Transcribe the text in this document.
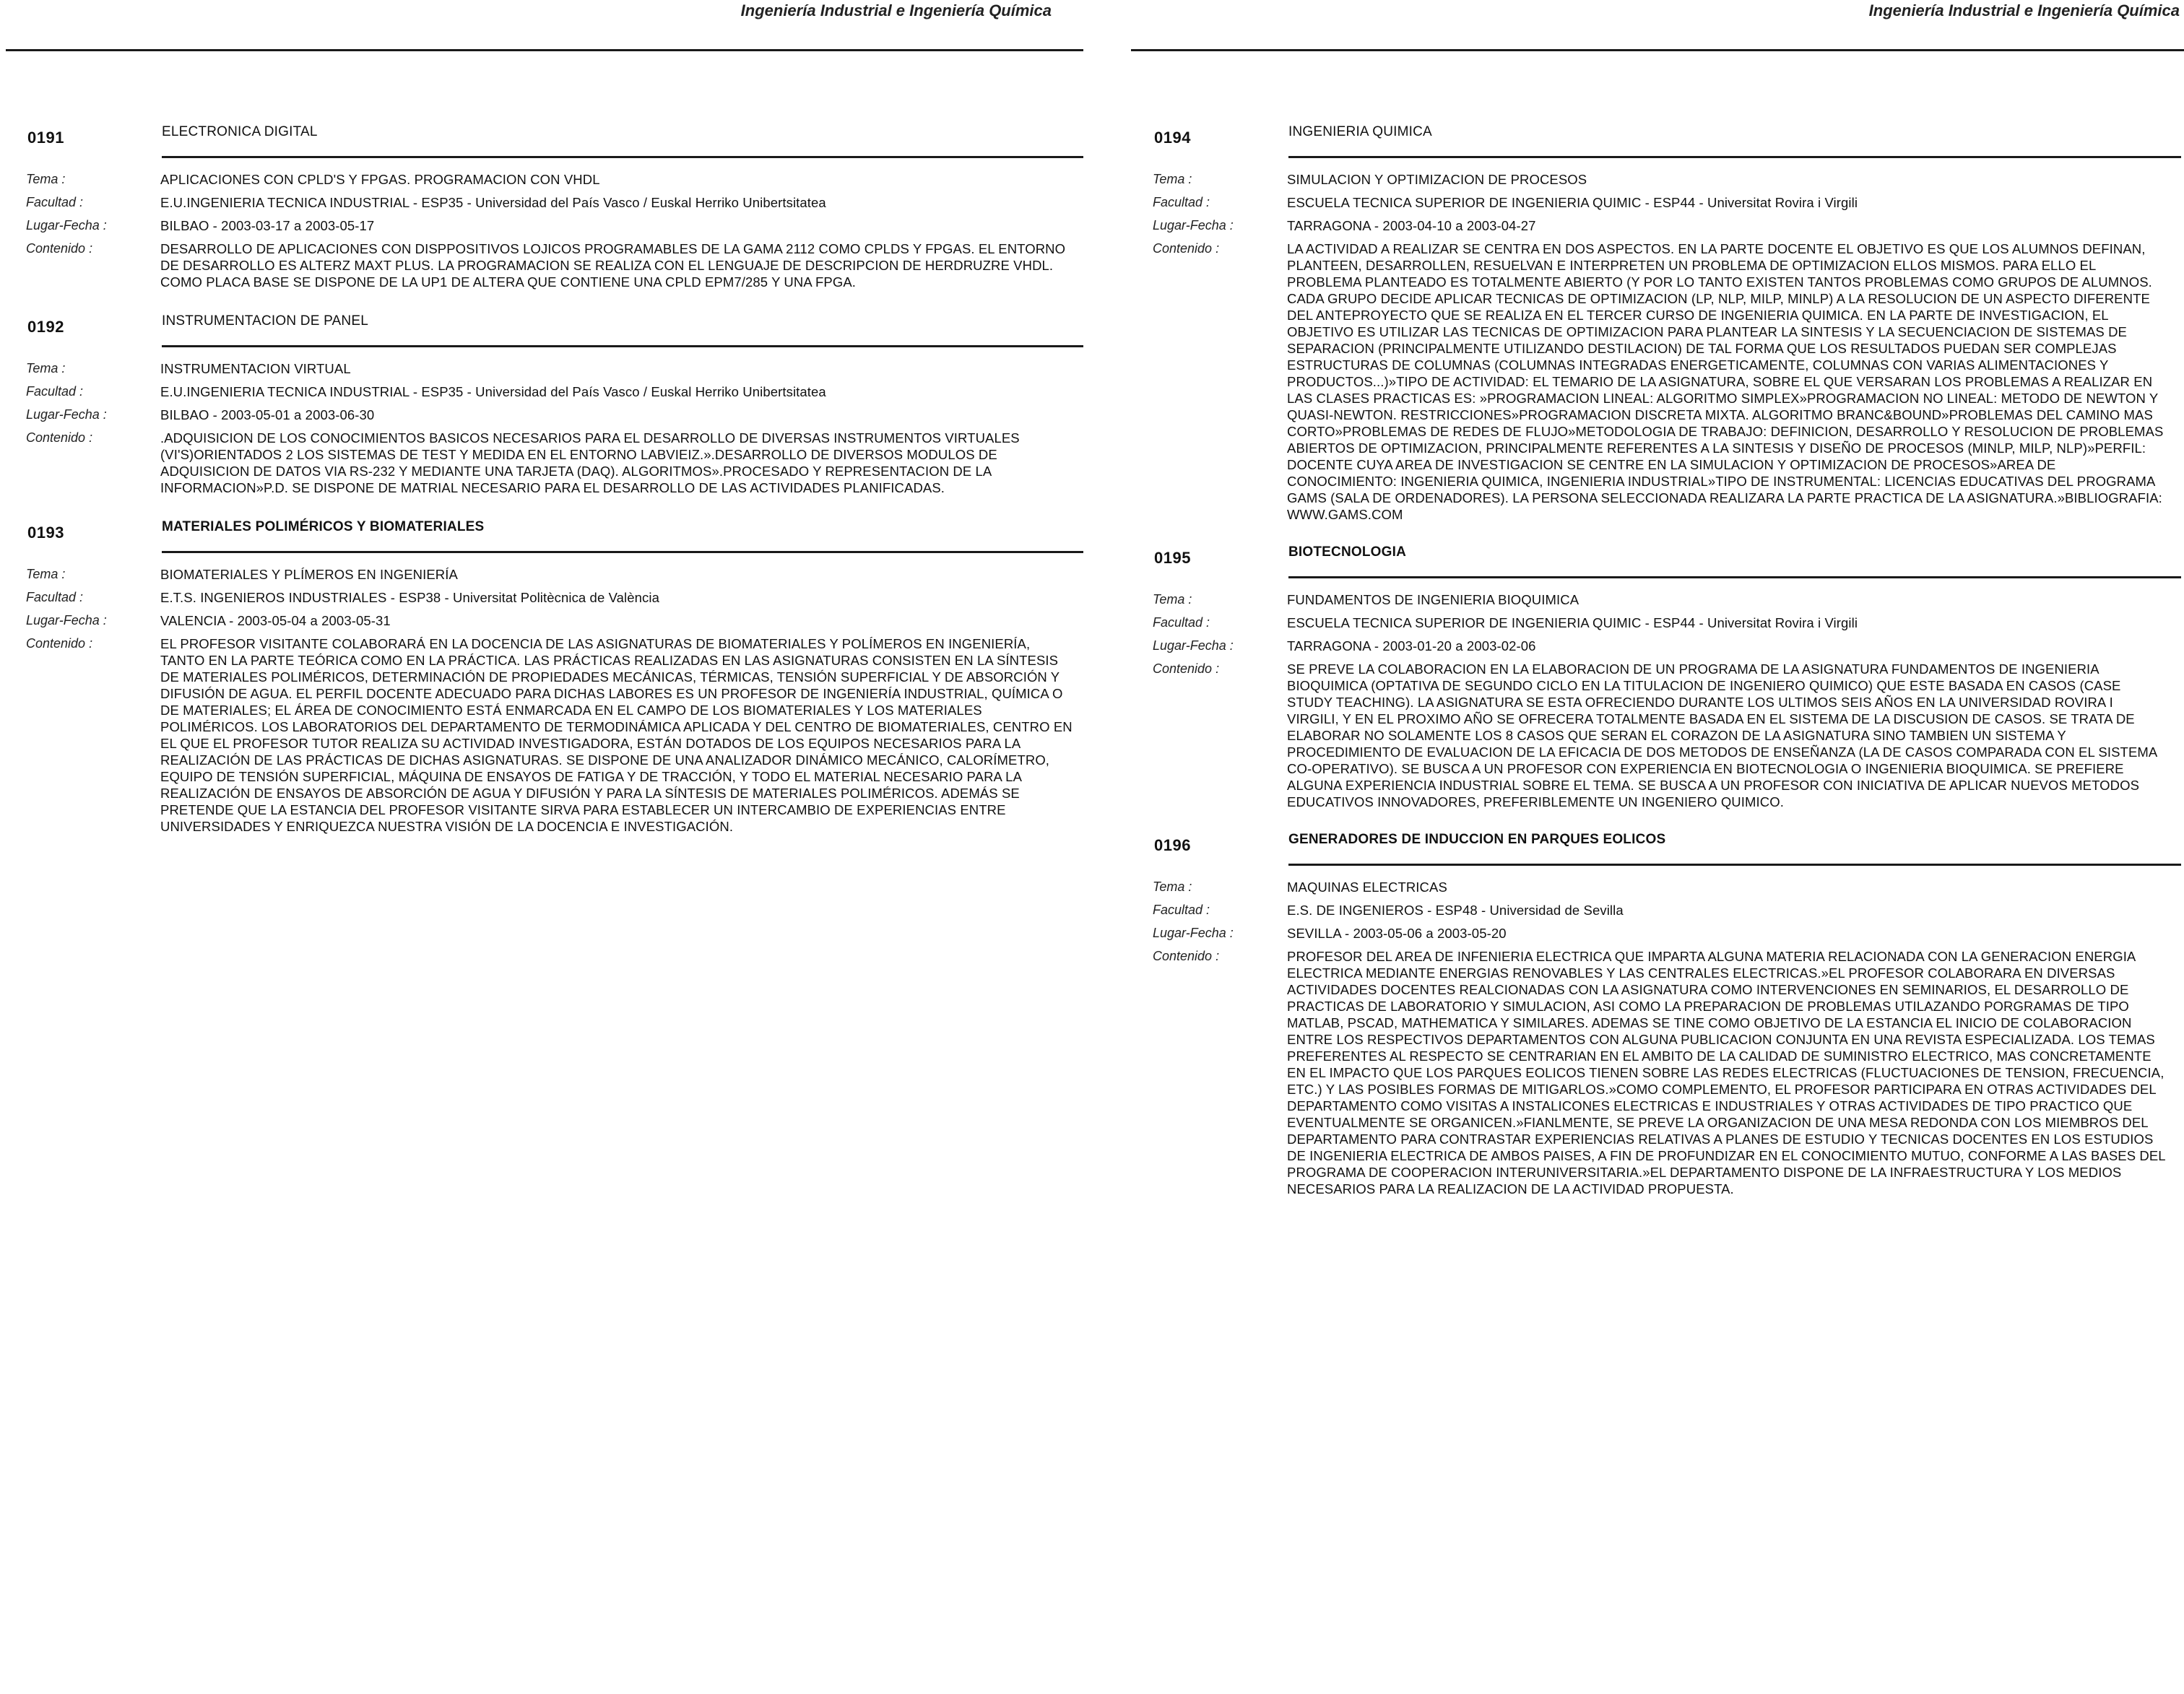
Ingeniería Industrial e Ingeniería Química
0191	ELECTRONICA DIGITAL
Tema :	APLICACIONES CON CPLD'S Y FPGAS. PROGRAMACION CON VHDL
Facultad :	E.U.INGENIERIA TECNICA INDUSTRIAL - ESP35 - Universidad del País Vasco / Euskal Herriko Unibertsitatea
Lugar-Fecha :	BILBAO - 2003-03-17 a 2003-05-17
Contenido :	DESARROLLO DE APLICACIONES CON DISPPOSITIVOS LOJICOS PROGRAMABLES DE LA GAMA 2112 COMO CPLDS Y FPGAS. EL ENTORNO DE DESARROLLO ES ALTERZ MAXT PLUS. LA PROGRAMACION SE REALIZA CON EL LENGUAJE DE DESCRIPCION DE HERDRUZRE VHDL. COMO PLACA BASE SE DISPONE DE LA UP1 DE ALTERA QUE CONTIENE UNA CPLD EPM7/285 Y UNA FPGA.
0192	INSTRUMENTACION DE PANEL
Tema :	INSTRUMENTACION VIRTUAL
Facultad :	E.U.INGENIERIA TECNICA INDUSTRIAL - ESP35 - Universidad del País Vasco / Euskal Herriko Unibertsitatea
Lugar-Fecha :	BILBAO - 2003-05-01 a 2003-06-30
Contenido :	.ADQUISICION DE LOS CONOCIMIENTOS BASICOS NECESARIOS PARA EL DESARROLLO DE DIVERSAS INSTRUMENTOS VIRTUALES (VI'S)ORIENTADOS 2 LOS SISTEMAS DE TEST Y MEDIDA EN EL ENTORNO LABVIEIZ.».DESARROLLO DE DIVERSOS MODULOS DE ADQUISICION DE DATOS VIA RS-232 Y MEDIANTE UNA TARJETA (DAQ). ALGORITMOS».PROCESADO Y REPRESENTACION DE LA INFORMACION»P.D. SE DISPONE DE MATRIAL NECESARIO PARA EL DESARROLLO DE LAS ACTIVIDADES PLANIFICADAS.
0193	MATERIALES POLIMÉRICOS Y BIOMATERIALES
Tema :	BIOMATERIALES Y PLÍMEROS EN INGENIERÍA
Facultad :	E.T.S. INGENIEROS INDUSTRIALES - ESP38 - Universitat Politècnica de València
Lugar-Fecha :	VALENCIA - 2003-05-04 a 2003-05-31
Contenido :	EL PROFESOR VISITANTE COLABORARÁ EN LA DOCENCIA DE LAS ASIGNATURAS DE BIOMATERIALES Y POLÍMEROS EN INGENIERÍA, TANTO EN LA PARTE TEÓRICA COMO EN LA PRÁCTICA. LAS PRÁCTICAS REALIZADAS EN LAS ASIGNATURAS CONSISTEN EN LA SÍNTESIS DE MATERIALES POLIMÉRICOS, DETERMINACIÓN DE PROPIEDADES MECÁNICAS, TÉRMICAS, TENSIÓN SUPERFICIAL Y DE ABSORCIÓN Y DIFUSIÓN DE AGUA. EL PERFIL DOCENTE ADECUADO PARA DICHAS LABORES ES UN PROFESOR DE INGENIERÍA INDUSTRIAL, QUÍMICA O DE MATERIALES; EL ÁREA DE CONOCIMIENTO ESTÁ ENMARCADA EN EL CAMPO DE LOS BIOMATERIALES Y LOS MATERIALES POLIMÉRICOS. LOS LABORATORIOS DEL DEPARTAMENTO DE TERMODINÁMICA APLICADA Y DEL CENTRO DE BIOMATERIALES, CENTRO EN EL QUE EL PROFESOR TUTOR REALIZA SU ACTIVIDAD INVESTIGADORA, ESTÁN DOTADOS DE LOS EQUIPOS NECESARIOS PARA LA REALIZACIÓN DE LAS PRÁCTICAS DE DICHAS ASIGNATURAS. SE DISPONE DE UNA ANALIZADOR DINÁMICO MECÁNICO, CALORÍMETRO, EQUIPO DE TENSIÓN SUPERFICIAL, MÁQUINA DE ENSAYOS DE FATIGA Y DE TRACCIÓN, Y TODO EL MATERIAL NECESARIO PARA LA REALIZACIÓN DE ENSAYOS DE ABSORCIÓN DE AGUA Y DIFUSIÓN Y PARA LA SÍNTESIS DE MATERIALES POLIMÉRICOS. ADEMÁS SE PRETENDE QUE LA ESTANCIA DEL PROFESOR VISITANTE SIRVA PARA ESTABLECER UN INTERCAMBIO DE EXPERIENCIAS ENTRE UNIVERSIDADES Y ENRIQUEZCA NUESTRA VISIÓN DE LA DOCENCIA E INVESTIGACIÓN.
Ingeniería Industrial e Ingeniería Química
0194	INGENIERIA QUIMICA
Tema :	SIMULACION Y OPTIMIZACION DE PROCESOS
Facultad :	ESCUELA TECNICA SUPERIOR DE INGENIERIA QUIMIC - ESP44 - Universitat Rovira i Virgili
Lugar-Fecha :	TARRAGONA - 2003-04-10 a 2003-04-27
Contenido :	LA ACTIVIDAD A REALIZAR SE CENTRA EN DOS ASPECTOS. EN LA PARTE DOCENTE EL OBJETIVO ES QUE LOS ALUMNOS DEFINAN, PLANTEEN, DESARROLLEN, RESUELVAN E INTERPRETEN UN PROBLEMA DE OPTIMIZACION ELLOS MISMOS. PARA ELLO EL PROBLEMA PLANTEADO ES TOTALMENTE ABIERTO (Y POR LO TANTO EXISTEN TANTOS PROBLEMAS COMO GRUPOS DE ALUMNOS. CADA GRUPO DECIDE APLICAR TECNICAS DE OPTIMIZACION (LP, NLP, MILP, MINLP) A LA RESOLUCION DE UN ASPECTO DIFERENTE DEL ANTEPROYECTO QUE SE REALIZA EN EL TERCER CURSO DE INGENIERIA QUIMICA. EN LA PARTE DE INVESTIGACION, EL OBJETIVO ES UTILIZAR LAS TECNICAS DE OPTIMIZACION PARA PLANTEAR LA SINTESIS Y LA SECUENCIACION DE SISTEMAS DE SEPARACION (PRINCIPALMENTE UTILIZANDO DESTILACION) DE TAL FORMA QUE LOS RESULTADOS PUEDAN SER COMPLEJAS ESTRUCTURAS DE COLUMNAS (COLUMNAS INTEGRADAS ENERGETICAMENTE, COLUMNAS CON VARIAS ALIMENTACIONES Y PRODUCTOS...)»TIPO DE ACTIVIDAD: EL TEMARIO DE LA ASIGNATURA, SOBRE EL QUE VERSARAN LOS PROBLEMAS A REALIZAR EN LAS CLASES PRACTICAS ES: »PROGRAMACION LINEAL: ALGORITMO SIMPLEX»PROGRAMACION NO LINEAL: METODO DE NEWTON Y QUASI-NEWTON. RESTRICCIONES»PROGRAMACION DISCRETA MIXTA. ALGORITMO BRANC&BOUND»PROBLEMAS DEL CAMINO MAS CORTO»PROBLEMAS DE REDES DE FLUJO»METODOLOGIA DE TRABAJO: DEFINICION, DESARROLLO Y RESOLUCION DE PROBLEMAS ABIERTOS DE OPTIMIZACION, PRINCIPALMENTE REFERENTES A LA SINTESIS Y DISEÑO DE PROCESOS (MINLP, MILP, NLP)»PERFIL: DOCENTE CUYA AREA DE INVESTIGACION SE CENTRE EN LA SIMULACION Y OPTIMIZACION DE PROCESOS»AREA DE CONOCIMIENTO: INGENIERIA QUIMICA, INGENIERIA INDUSTRIAL»TIPO DE INSTRUMENTAL: LICENCIAS EDUCATIVAS DEL PROGRAMA GAMS (SALA DE ORDENADORES). LA PERSONA SELECCIONADA REALIZARA LA PARTE PRACTICA DE LA ASIGNATURA.»BIBLIOGRAFIA: WWW.GAMS.COM
0195	BIOTECNOLOGIA
Tema :	FUNDAMENTOS DE INGENIERIA BIOQUIMICA
Facultad :	ESCUELA TECNICA SUPERIOR DE INGENIERIA QUIMIC - ESP44 - Universitat Rovira i Virgili
Lugar-Fecha :	TARRAGONA - 2003-01-20 a 2003-02-06
Contenido :	SE PREVE LA COLABORACION EN LA ELABORACION DE UN PROGRAMA DE LA ASIGNATURA FUNDAMENTOS DE INGENIERIA BIOQUIMICA (OPTATIVA DE SEGUNDO CICLO EN LA TITULACION DE INGENIERO QUIMICO) QUE ESTE BASADA EN CASOS (CASE STUDY TEACHING). LA ASIGNATURA SE ESTA OFRECIENDO DURANTE LOS ULTIMOS SEIS AÑOS EN LA UNIVERSIDAD ROVIRA I VIRGILI, Y EN EL PROXIMO AÑO SE OFRECERA TOTALMENTE BASADA EN EL SISTEMA DE LA DISCUSION DE CASOS. SE TRATA DE ELABORAR NO SOLAMENTE LOS 8 CASOS QUE SERAN EL CORAZON DE LA ASIGNATURA SINO TAMBIEN UN SISTEMA Y PROCEDIMIENTO DE EVALUACION DE LA EFICACIA DE DOS METODOS DE ENSEÑANZA (LA DE CASOS COMPARADA CON EL SISTEMA CO-OPERATIVO). SE BUSCA A UN PROFESOR CON EXPERIENCIA EN BIOTECNOLOGIA O INGENIERIA BIOQUIMICA. SE PREFIERE ALGUNA EXPERIENCIA INDUSTRIAL SOBRE EL TEMA. SE BUSCA A UN PROFESOR CON INICIATIVA DE APLICAR NUEVOS METODOS EDUCATIVOS INNOVADORES, PREFERIBLEMENTE UN INGENIERO QUIMICO.
0196	GENERADORES DE INDUCCION EN PARQUES EOLICOS
Tema :	MAQUINAS ELECTRICAS
Facultad :	E.S. DE INGENIEROS - ESP48 - Universidad de Sevilla
Lugar-Fecha :	SEVILLA - 2003-05-06 a 2003-05-20
Contenido :	PROFESOR DEL AREA DE INFENIERIA ELECTRICA QUE IMPARTA ALGUNA MATERIA RELACIONADA CON LA GENERACION ENERGIA ELECTRICA MEDIANTE ENERGIAS RENOVABLES Y LAS CENTRALES ELECTRICAS.»EL PROFESOR COLABORARA EN DIVERSAS ACTIVIDADES DOCENTES REALCIONADAS CON LA ASIGNATURA COMO INTERVENCIONES EN SEMINARIOS, EL DESARROLLO DE PRACTICAS DE LABORATORIO Y SIMULACION, ASI COMO LA PREPARACION DE PROBLEMAS UTILAZANDO PORGRAMAS DE TIPO MATLAB, PSCAD, MATHEMATICA Y SIMILARES. ADEMAS SE TINE COMO OBJETIVO DE LA ESTANCIA EL INICIO DE COLABORACION ENTRE LOS RESPECTIVOS DEPARTAMENTOS CON ALGUNA PUBLICACION CONJUNTA EN UNA REVISTA ESPECIALIZADA. LOS TEMAS PREFERENTES AL RESPECTO SE CENTRARIAN EN EL AMBITO DE LA CALIDAD DE SUMINISTRO ELECTRICO, MAS CONCRETAMENTE EN EL IMPACTO QUE LOS PARQUES EOLICOS TIENEN SOBRE LAS REDES ELECTRICAS (FLUCTUACIONES DE TENSION, FRECUENCIA, ETC.) Y LAS POSIBLES FORMAS DE MITIGARLOS.»COMO COMPLEMENTO, EL PROFESOR PARTICIPARA EN OTRAS ACTIVIDADES DEL DEPARTAMENTO COMO VISITAS A INSTALICONES ELECTRICAS E INDUSTRIALES Y OTRAS ACTIVIDADES DE TIPO PRACTICO QUE EVENTUALMENTE SE ORGANICEN.»FIANLMENTE, SE PREVE LA ORGANIZACION DE UNA MESA REDONDA CON LOS MIEMBROS DEL DEPARTAMENTO PARA CONTRASTAR EXPERIENCIAS RELATIVAS A PLANES DE ESTUDIO Y TECNICAS DOCENTES EN LOS ESTUDIOS DE INGENIERIA ELECTRICA DE AMBOS PAISES, A FIN DE PROFUNDIZAR EN EL CONOCIMIENTO MUTUO, CONFORME A LAS BASES DEL PROGRAMA DE COOPERACION INTERUNIVERSITARIA.»EL DEPARTAMENTO DISPONE DE LA INFRAESTRUCTURA Y LOS MEDIOS NECESARIOS PARA LA REALIZACION DE LA ACTIVIDAD PROPUESTA.
